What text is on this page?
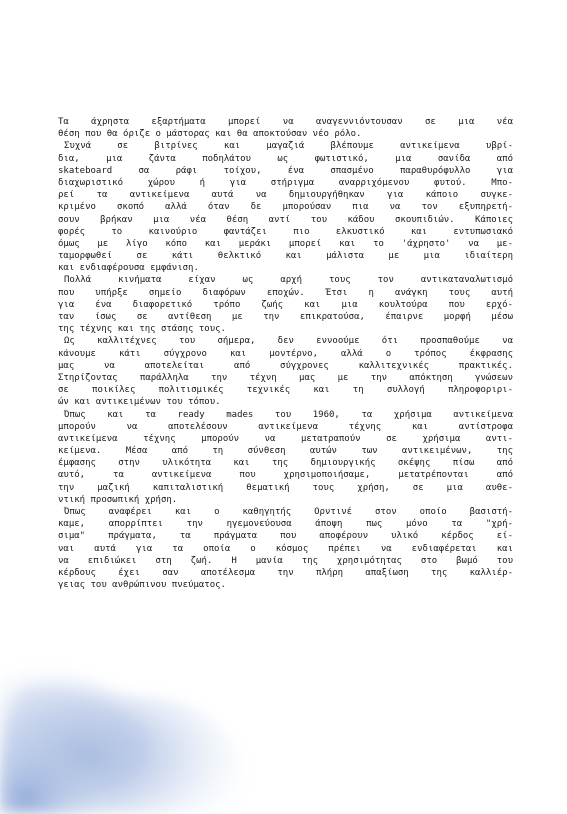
Τα άχρηστα εξαρτήματα μπορεί να αναγεννιόντουσαν σε μια νέα
θέση που θα όριζε ο μάστορας και θα αποκτούσαν νέο ρόλο.
Συχνά σε βιτρίνες και μαγαζιά βλέπουμε αντικείμενα υβρί-
δια, μια ζάντα ποδηλάτου ως φωτιστικό, μια σανίδα από
skateboard σα ράφι τοίχου, ένα σπασμένο παραθυρόφυλλο για
διαχωριστικό χώρου ή για στήριγμα αναρριχόμενου φυτού. Μπο-
ρεί τα αντικείμενα αυτά να δημιουργήθηκαν για κάποιο συγκε-
κριμένο σκοπό αλλά όταν δε μπορούσαν πια να τον εξυπηρετή-
σουν βρήκαν μια νέα θέση αντί του κάδου σκουπιδιών. Κάποιες
φορές το καινούριο φαντάζει πιο ελκυστικό και εντυπωσιακό
όμως με λίγο κόπο και μεράκι μπορεί και το 'άχρηστο' να με-
ταμορφωθεί σε κάτι θελκτικό και μάλιστα με μια ιδιαίτερη
και ενδιαφέρουσα εμφάνιση.
Πολλά κινήματα είχαν ως αρχή τους τον αντικαταναλωτισμό
που υπήρξε σημείο διαφόρων εποχών. Έτσι η ανάγκη τους αυτή
για ένα διαφορετικό τρόπο ζωής και μια κουλτούρα που ερχό-
ταν ίσως σε αντίθεση με την επικρατούσα, έπαιρνε μορφή μέσω
της τέχνης και της στάσης τους.
Ως καλλιτέχνες του σήμερα, δεν εννοούμε ότι προσπαθούμε να
κάνουμε κάτι σύγχρονο και μοντέρνο, αλλά ο τρόπος έκφρασης
μας να αποτελείται από σύγχρονες καλλιτεχνικές πρακτικές.
Στηρίζοντας παράλληλα την τέχνη μας με την απόκτηση γνώσεων
σε ποικίλες πολιτισμικές τεχνικές και τη συλλογή πληροφοριρι-
ών και αντικειμένων του τόπου.
Όπως και τα ready mades του 1960, τα χρήσιμα αντικείμενα
μπορούν να αποτελέσουν αντικείμενα τέχνης και αντίστροφα
αντικείμενα τέχνης μπορούν να μετατραπούν σε χρήσιμα αντι-
κείμενα. Μέσα από τη σύνθεση αυτών των αντικειμένων, της
έμφασης στην υλικότητα και της δημιουργικής σκέψης πίσω από
αυτό, τα αντικείμενα που χρησιμοποιήσαμε, μετατρέπονται από
την μαζική καπιταλιστική θεματική τους χρήση, σε μια αυθε-
ντική προσωπική χρήση.
Όπως αναφέρει και ο καθηγητής Ορντινέ στον οποίο βασιστή-
καμε, απορρίπτει την ηγεμονεύουσα άποψη πως μόνο τα "χρή-
σιμα" πράγματα, τα πράγματα που αποφέρουν υλικό κέρδος εί-
ναι αυτά για τα οποία ο κόσμος πρέπει να ενδιαφέρεται και
να επιδιώκει στη ζωή. Η μανία της χρησιμότητας στο βωμό του
κέρδους έχει σαν αποτέλεσμα την πλήρη απαξίωση της καλλιέρ-
γειας του ανθρώπινου πνεύματος.
